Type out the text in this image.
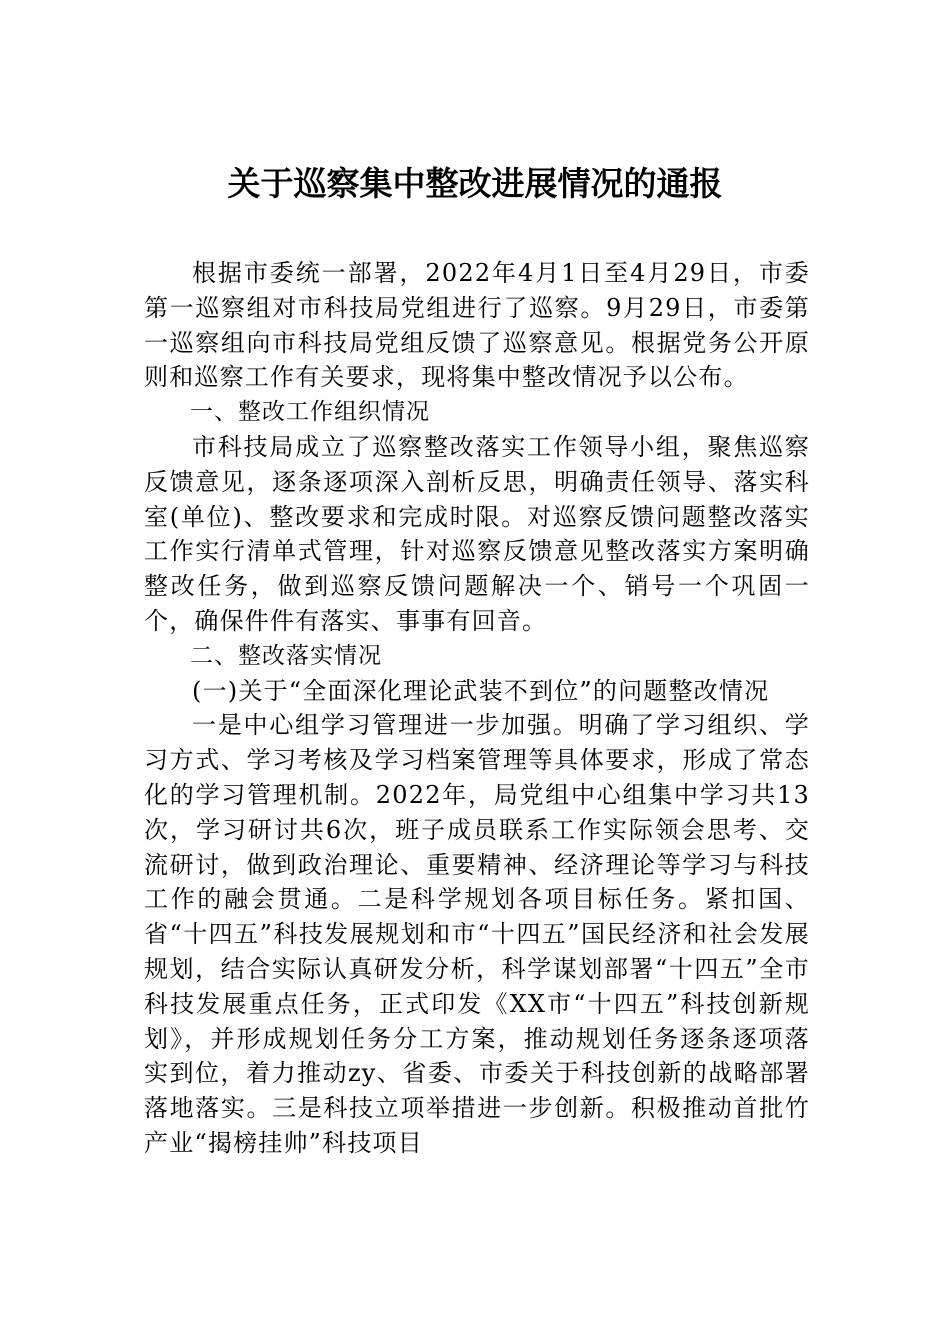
关于巡察集中整改进展情况的通报

根据市委统一部署，2022年4月1日至4月29日，市委第一巡察组对市科技局党组进行了巡察。9月29日，市委第一巡察组向市科技局党组反馈了巡察意见。根据党务公开原则和巡察工作有关要求，现将集中整改情况予以公布。

一、整改工作组织情况

市科技局成立了巡察整改落实工作领导小组，聚焦巡察反馈意见，逐条逐项深入剖析反思，明确责任领导、落实科室(单位)、整改要求和完成时限。对巡察反馈问题整改落实工作实行清单式管理，针对巡察反馈意见整改落实方案明确整改任务，做到巡察反馈问题解决一个、销号一个巩固一个，确保件件有落实、事事有回音。

二、整改落实情况

(一)关于“全面深化理论武装不到位”的问题整改情况

一是中心组学习管理进一步加强。明确了学习组织、学习方式、学习考核及学习档案管理等具体要求，形成了常态化的学习管理机制。2022年，局党组中心组集中学习共13次，学习研讨共6次，班子成员联系工作实际领会思考、交流研讨，做到政治理论、重要精神、经济理论等学习与科技工作的融会贯通。二是科学规划各项目标任务。紧扣国、省“十四五”科技发展规划和市“十四五”国民经济和社会发展规划，结合实际认真研发分析，科学谋划部署“十四五”全市科技发展重点任务，正式印发《XX市“十四五”科技创新规划》，并形成规划任务分工方案，推动规划任务逐条逐项落实到位，着力推动zy、省委、市委关于科技创新的战略部署落地落实。三是科技立项举措进一步创新。积极推动首批竹产业“揭榜挂帅”科技项目
